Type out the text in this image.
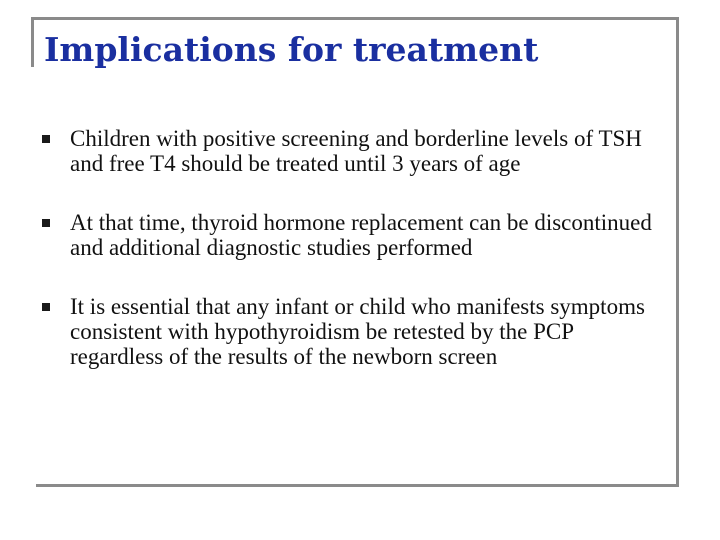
Implications for treatment
Children with positive screening and borderline levels of TSH and free T4 should be treated until 3 years of age
At that time, thyroid hormone replacement can be discontinued and additional diagnostic studies performed
It is essential that any infant or child who manifests symptoms consistent with hypothyroidism be retested by the PCP regardless of the results of the newborn screen
